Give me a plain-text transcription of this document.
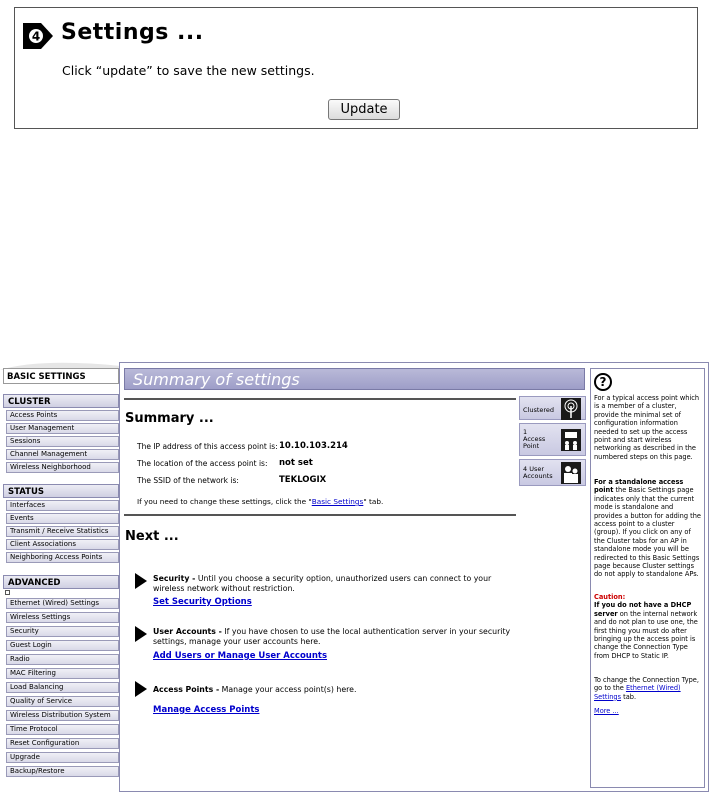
4 Settings ...
Click “update” to save the new settings.
Update
BASIC SETTINGS
CLUSTER
Access Points
User Management
Sessions
Channel Management
Wireless Neighborhood
STATUS
Interfaces
Events
Transmit / Receive Statistics
Client Associations
Neighboring Access Points
ADVANCED
Ethernet (Wired) Settings
Wireless Settings
Security
Guest Login
Radio
MAC Filtering
Load Balancing
Quality of Service
Wireless Distribution System
Time Protocol
Reset Configuration
Upgrade
Backup/Restore
Summary of settings
Summary ...
The IP address of this access point is: 10.10.103.214
The location of the access point is: not set
The SSID of the network is:	TEKLOGIX
If you need to change these settings, click the "Basic Settings" tab.
Next ...
Security - Until you choose a security option, unauthorized users can connect to your wireless network without restriction.
Set Security Options
User Accounts - If you have chosen to use the local authentication server in your security settings, manage your user accounts here.
Add Users or Manage User Accounts
Access Points - Manage your access point(s) here.
Manage Access Points
Clustered
1
Access Point
4 User
Accounts
?
For a typical access point which is a member of a cluster, provide the minimal set of configuration information needed to set up the access point and start wireless networking as described in the numbered steps on this page.
For a standalone access point the Basic Settings page indicates only that the current mode is standalone and provides a button for adding the access point to a cluster (group). If you click on any of the Cluster tabs for an AP in standalone mode you will be redirected to this Basic Settings page because Cluster settings do not apply to standalone APs.
Caution:
If you do not have a DHCP server on the internal network and do not plan to use one, the first thing you must do after bringing up the access point is change the Connection Type from DHCP to Static IP.
To change the Connection Type, go to the Ethernet (Wired) Settings tab.
More ...
